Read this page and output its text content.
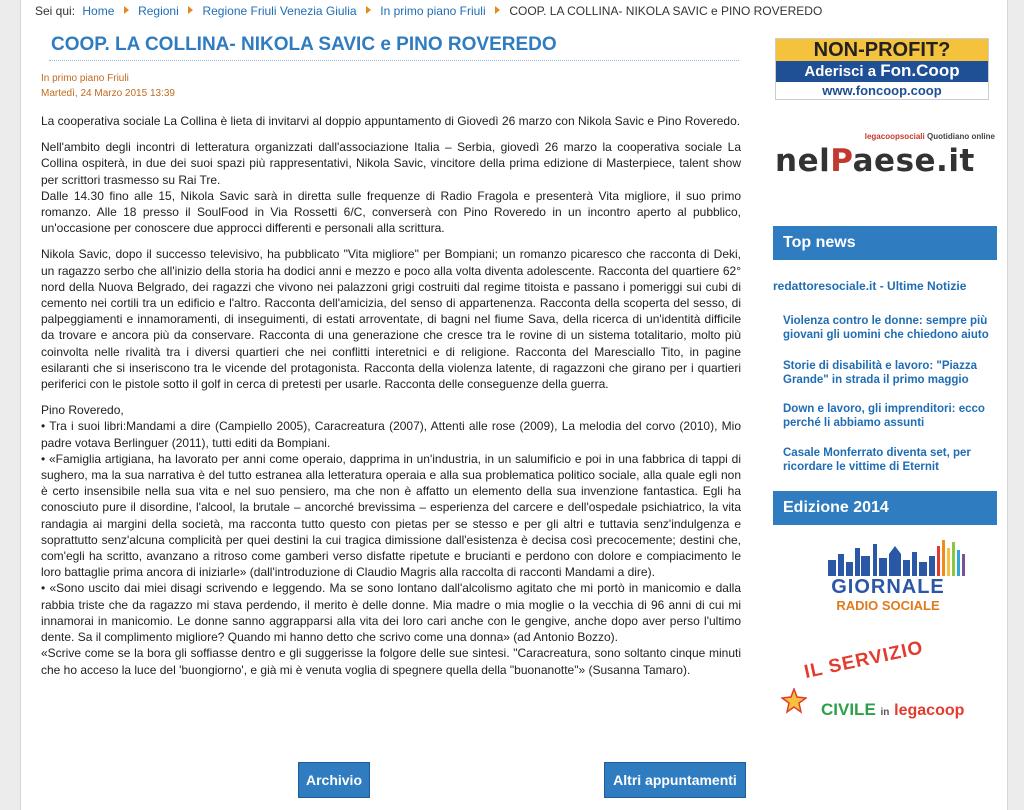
Sei qui: Home Regioni Regione Friuli Venezia Giulia In primo piano Friuli COOP. LA COLLINA- NIKOLA SAVIC e PINO ROVEREDO
COOP. LA COLLINA- NIKOLA SAVIC e PINO ROVEREDO
In primo piano Friuli
Martedì, 24 Marzo 2015 13:39

La cooperativa sociale La Collina è lieta di invitarvi al doppio appuntamento di Giovedì 26 marzo con Nikola Savic e Pino Roveredo.

Nell'ambito degli incontri di letteratura organizzati dall'associazione Italia – Serbia, giovedì 26 marzo la cooperativa sociale La Collina ospiterà, in due dei suoi spazi più rappresentativi, Nikola Savic, vincitore della prima edizione di Masterpiece, talent show per scrittori trasmesso su Rai Tre.

Dalle 14.30 fino alle 15, Nikola Savic sarà in diretta sulle frequenze di Radio Fragola e presenterà Vita migliore, il suo primo romanzo. Alle 18 presso il SoulFood in Via Rossetti 6/C, converserà con Pino Roveredo in un incontro aperto al pubblico, un'occasione per conoscere due approcci differenti e personali alla scrittura.

Nikola Savic, dopo il successo televisivo, ha pubblicato "Vita migliore" per Bompiani; un romanzo picaresco che racconta di Deki, un ragazzo serbo che all'inizio della storia ha dodici anni e mezzo e poco alla volta diventa adolescente. Racconta del quartiere 62° nord della Nuova Belgrado, dei ragazzi che vivono nei palazzoni grigi costruiti dal regime titoista e passano i pomeriggi sui cubi di cemento nei cortili tra un edificio e l'altro. Racconta dell'amicizia, del senso di appartenenza. Racconta della scoperta del sesso, di palpeggiamenti e innamoramenti, di inseguimenti, di estati arroventate, di bagni nel fiume Sava, della ricerca di un'identità difficile da trovare e ancora più da conservare. Racconta di una generazione che cresce tra le rovine di un sistema totalitario, molto più coinvolta nelle rivalità tra i diversi quartieri che nei conflitti interetnici e di religione. Racconta del Maresciallo Tito, in pagine esilaranti che si inseriscono tra le vicende del protagonista. Racconta della violenza latente, di ragazzoni che girano per i quartieri periferici con le pistole sotto il golf in cerca di pretesti per usarle. Racconta delle conseguenze della guerra.

Pino Roveredo,
• Tra i suoi libri:Mandami a dire (Campiello 2005), Caracreatura (2007), Attenti alle rose (2009), La melodia del corvo (2010), Mio padre votava Berlinguer (2011), tutti editi da Bompiani.
• «Famiglia artigiana, ha lavorato per anni come operaio, dapprima in un'industria, in un salumificio e poi in una fabbrica di tappi di sughero, ma la sua narrativa è del tutto estranea alla letteratura operaia e alla sua problematica politico sociale, alla quale egli non è certo insensibile nella sua vita e nel suo pensiero, ma che non è affatto un elemento della sua invenzione fantastica. Egli ha conosciuto pure il disordine, l'alcool, la brutale – ancorché brevissima – esperienza del carcere e dell'ospedale psichiatrico, la vita randagia ai margini della società, ma racconta tutto questo con pietas per se stesso e per gli altri e tuttavia senz'indulgenza e soprattutto senz'alcuna complicità per quei destini la cui tragica dimissione dall'esistenza è decisa così precocemente; destini che, com'egli ha scritto, avanzano a ritroso come gamberi verso disfatte ripetute e brucianti e perdono con dolore e compiacimento le loro battaglie prima ancora di iniziarle» (dall'introduzione di Claudio Magris alla raccolta di racconti Mandami a dire).
• «Sono uscito dai miei disagi scrivendo e leggendo. Ma se sono lontano dall'alcolismo agitato che mi portò in manicomio e dalla rabbia triste che da ragazzo mi stava perdendo, il merito è delle donne. Mia madre o mia moglie o la vecchia di 96 anni di cui mi innamorai in manicomio. Le donne sanno aggrapparsi alla vita dei loro cari anche con le gengive, anche dopo aver perso l'ultimo dente. Sa il complimento migliore? Quando mi hanno detto che scrivo come una donna» (ad Antonio Bozzo).
«Scrive come se la bora gli soffiasse dentro e gli suggerisse la folgore delle sue sintesi. "Caracreatura, sono soltanto cinque minuti che ho acceso la luce del 'buongiorno', e già mi è venuta voglia di spegnere quella della "buonanotte"» (Susanna Tamaro).
Archivio	Altri appuntamenti
NON-PROFIT?
Aderisci a Fon.Coop
www.foncoop.coop
legacoopsociali Quotidiano online
nelPaese.it
Top news
redattoresociale.it - Ultime Notizie
Violenza contro le donne: sempre più giovani gli uomini che chiedono aiuto
Storie di disabilità e lavoro: "Piazza Grande" in strada il primo maggio
Down e lavoro, gli imprenditori: ecco perché li abbiamo assunti
Casale Monferrato diventa set, per ricordare le vittime di Eternit
Edizione 2014
GIORNALE
RADIO SOCIALE
IL SERVIZIO
CIVILE in legacoop
